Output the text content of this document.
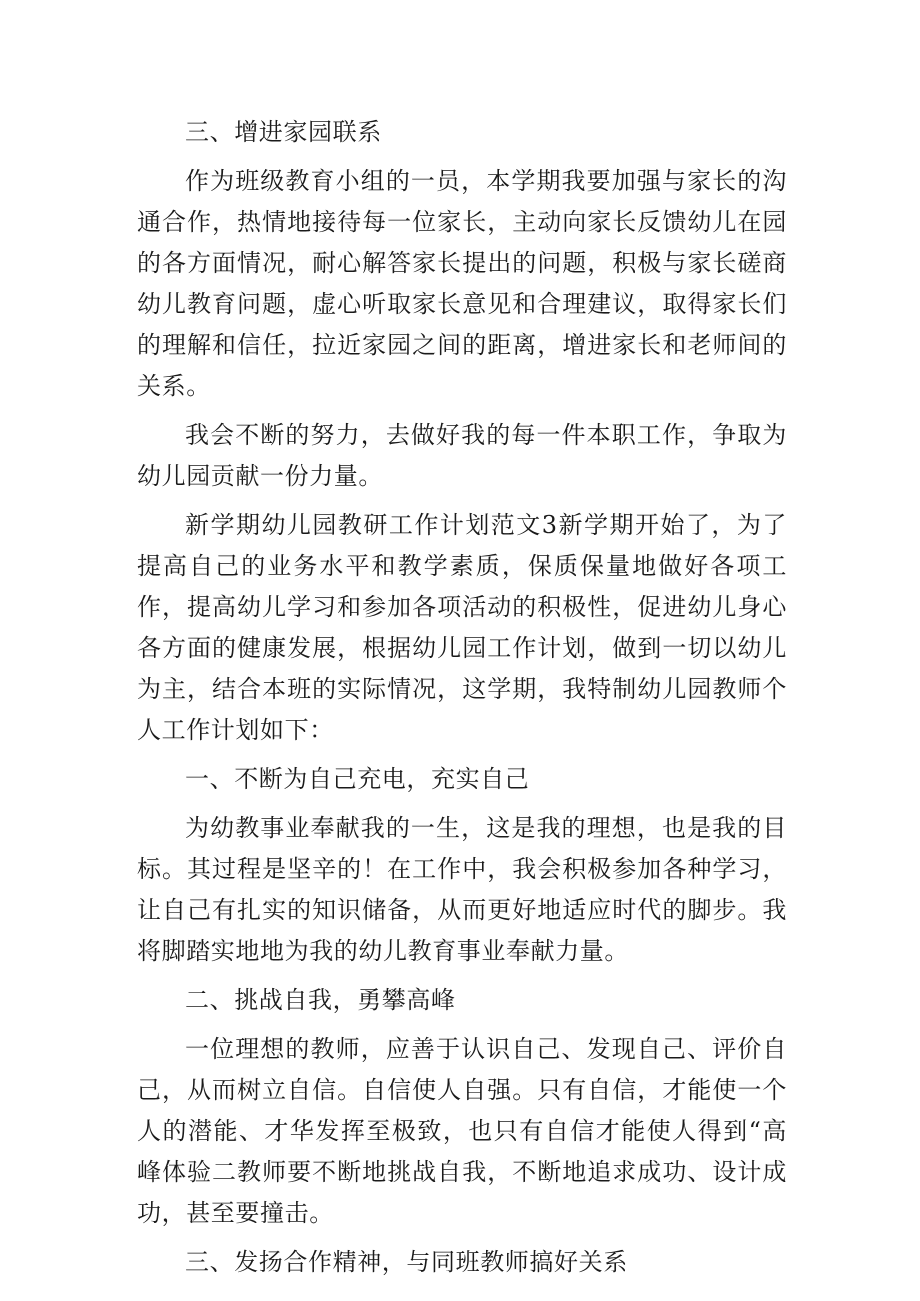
三、增进家园联系

作为班级教育小组的一员，本学期我要加强与家长的沟通合作，热情地接待每一位家长，主动向家长反馈幼儿在园的各方面情况，耐心解答家长提出的问题，积极与家长磋商幼儿教育问题，虚心听取家长意见和合理建议，取得家长们的理解和信任，拉近家园之间的距离，增进家长和老师间的关系。

我会不断的努力，去做好我的每一件本职工作，争取为幼儿园贡献一份力量。

新学期幼儿园教研工作计划范文3新学期开始了，为了提高自己的业务水平和教学素质，保质保量地做好各项工作，提高幼儿学习和参加各项活动的积极性，促进幼儿身心各方面的健康发展，根据幼儿园工作计划，做到一切以幼儿为主，结合本班的实际情况，这学期，我特制幼儿园教师个人工作计划如下：

一、不断为自己充电，充实自己

为幼教事业奉献我的一生，这是我的理想，也是我的目标。其过程是坚辛的！在工作中，我会积极参加各种学习，让自己有扎实的知识储备，从而更好地适应时代的脚步。我将脚踏实地地为我的幼儿教育事业奉献力量。

二、挑战自我，勇攀高峰

一位理想的教师，应善于认识自己、发现自己、评价自己，从而树立自信。自信使人自强。只有自信，才能使一个人的潜能、才华发挥至极致，也只有自信才能使人得到“高峰体验二教师要不断地挑战自我，不断地追求成功、设计成功，甚至要撞击。

三、发扬合作精神，与同班教师搞好关系
